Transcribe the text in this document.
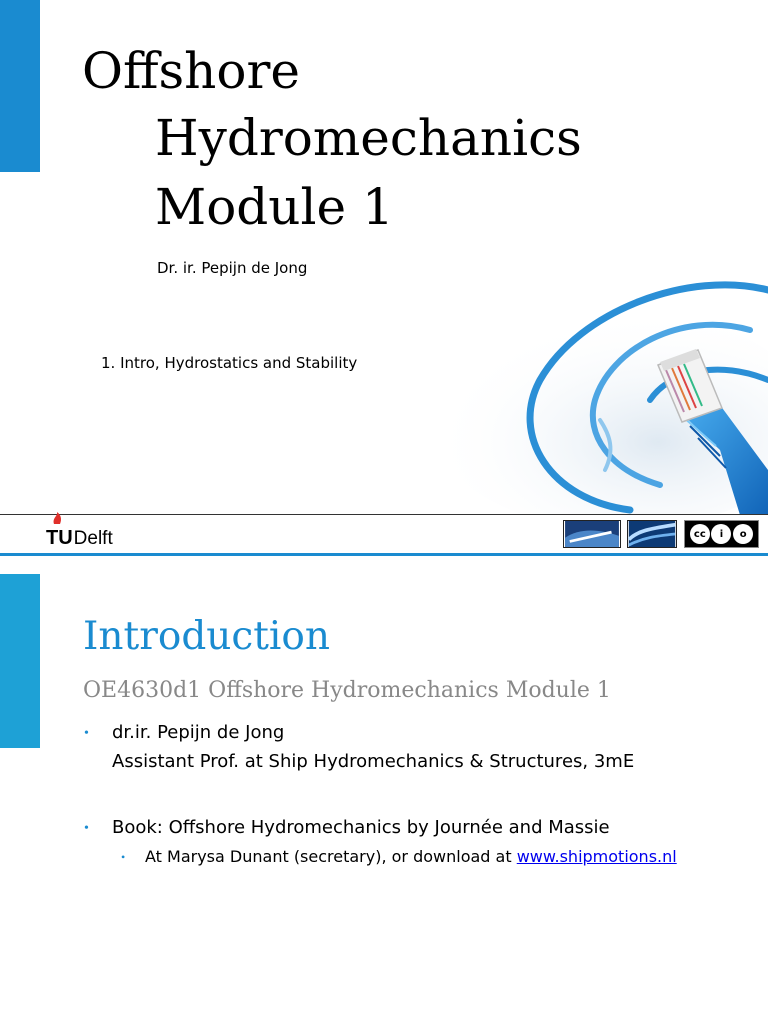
Offshore
Hydromechanics
Module 1
Dr. ir. Pepijn de Jong
1. Intro, Hydrostatics and Stability
TU Delft	cc	i	o
Introduction
OE4630d1 Offshore Hydromechanics Module 1
• dr.ir. Pepijn de Jong
Assistant Prof. at Ship Hydromechanics & Structures, 3mE
• Book: Offshore Hydromechanics by Journée and Massie
• At Marysa Dunant (secretary), or download at www.shipmotions.nl
